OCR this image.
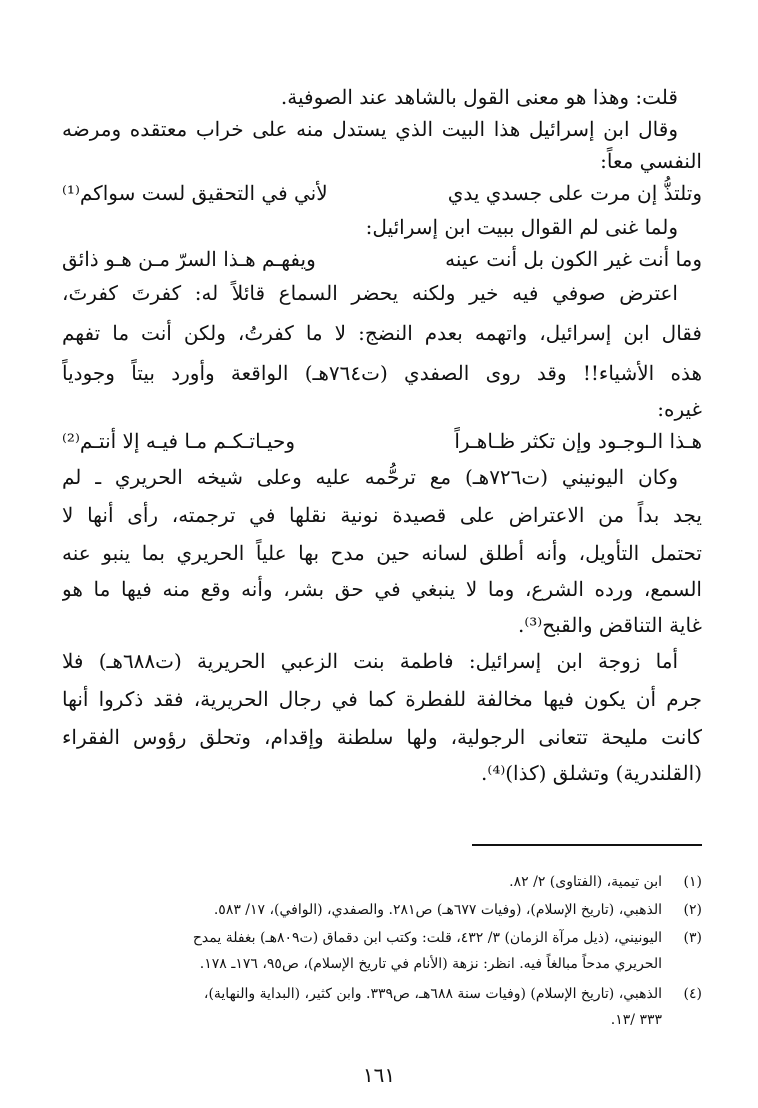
قلت: وهذا هو معنى القول بالشاهد عند الصوفية.
وقال ابن إسرائيل هذا البيت الذي يستدل منه على خراب معتقده ومرضه
النفسي معاً:
وتلتذُّ إن مرت على جسدي يدي
لأني في التحقيق لست سواكم⁽¹⁾
ولما غنى لم القوال ببيت ابن إسرائيل:
وما أنت غير الكون بل أنت عينه
ويفهـم هـذا السرّ مـن هـو ذائق
اعترض صوفي فيه خير ولكنه يحضر السماع قائلاً له: كفرتَ كفرتَ،
فقال ابن إسرائيل، واتهمه بعدم النضج: لا ما كفرتُ، ولكن أنت ما تفهم
هذه الأشياء!! وقد روى الصفدي (ت٧٦٤هـ) الواقعة وأورد بيتاً وجودياً
غيره:
هـذا الـوجـود وإن تكثر ظـاهـراً
وحيـاتـكـم مـا فيـه إلا أنتـم⁽²⁾
وكان اليونيني (ت٧٢٦هـ) مع ترحُّمه عليه وعلى شيخه الحريري ـ لم
يجد بداً من الاعتراض على قصيدة نونية نقلها في ترجمته، رأى أنها لا
تحتمل التأويل، وأنه أطلق لسانه حين مدح بها علياً الحريري بما ينبو عنه
السمع، ورده الشرع، وما لا ينبغي في حق بشر، وأنه وقع منه فيها ما هو
غاية التناقض والقبح⁽³⁾.
أما زوجة ابن إسرائيل: فاطمة بنت الزعبي الحريرية (ت٦٨٨هـ) فلا
جرم أن يكون فيها مخالفة للفطرة كما في رجال الحريرية، فقد ذكروا أنها
كانت مليحة تتعانى الرجولية، ولها سلطنة وإقدام، وتحلق رؤوس الفقراء
(القلندرية) وتشلق (كذا)⁽⁴⁾.
(١)
ابن تيمية، (الفتاوى) ٢/ ٨٢.
(٢)
الذهبي، (تاريخ الإسلام)، (وفيات ٦٧٧هـ) ص٢٨١. والصفدي، (الوافي)، ١٧/ ٥٨٣.
(٣)
اليونيني، (ذيل مرآة الزمان) ٣/ ٤٣٢، قلت: وكتب ابن دقماق (ت٨٠٩هـ) بغفلة يمدح
الحريري مدحاً مبالغاً فيه. انظر: نزهة (الأنام في تاريخ الإسلام)، ص٩٥، ١٧٦ـ ١٧٨.
(٤)
الذهبي، (تاريخ الإسلام) (وفيات سنة ٦٨٨هـ، ص٣٣٩. وابن كثير، (البداية والنهاية)،
٣٣٣ /١٣.
١٦١
